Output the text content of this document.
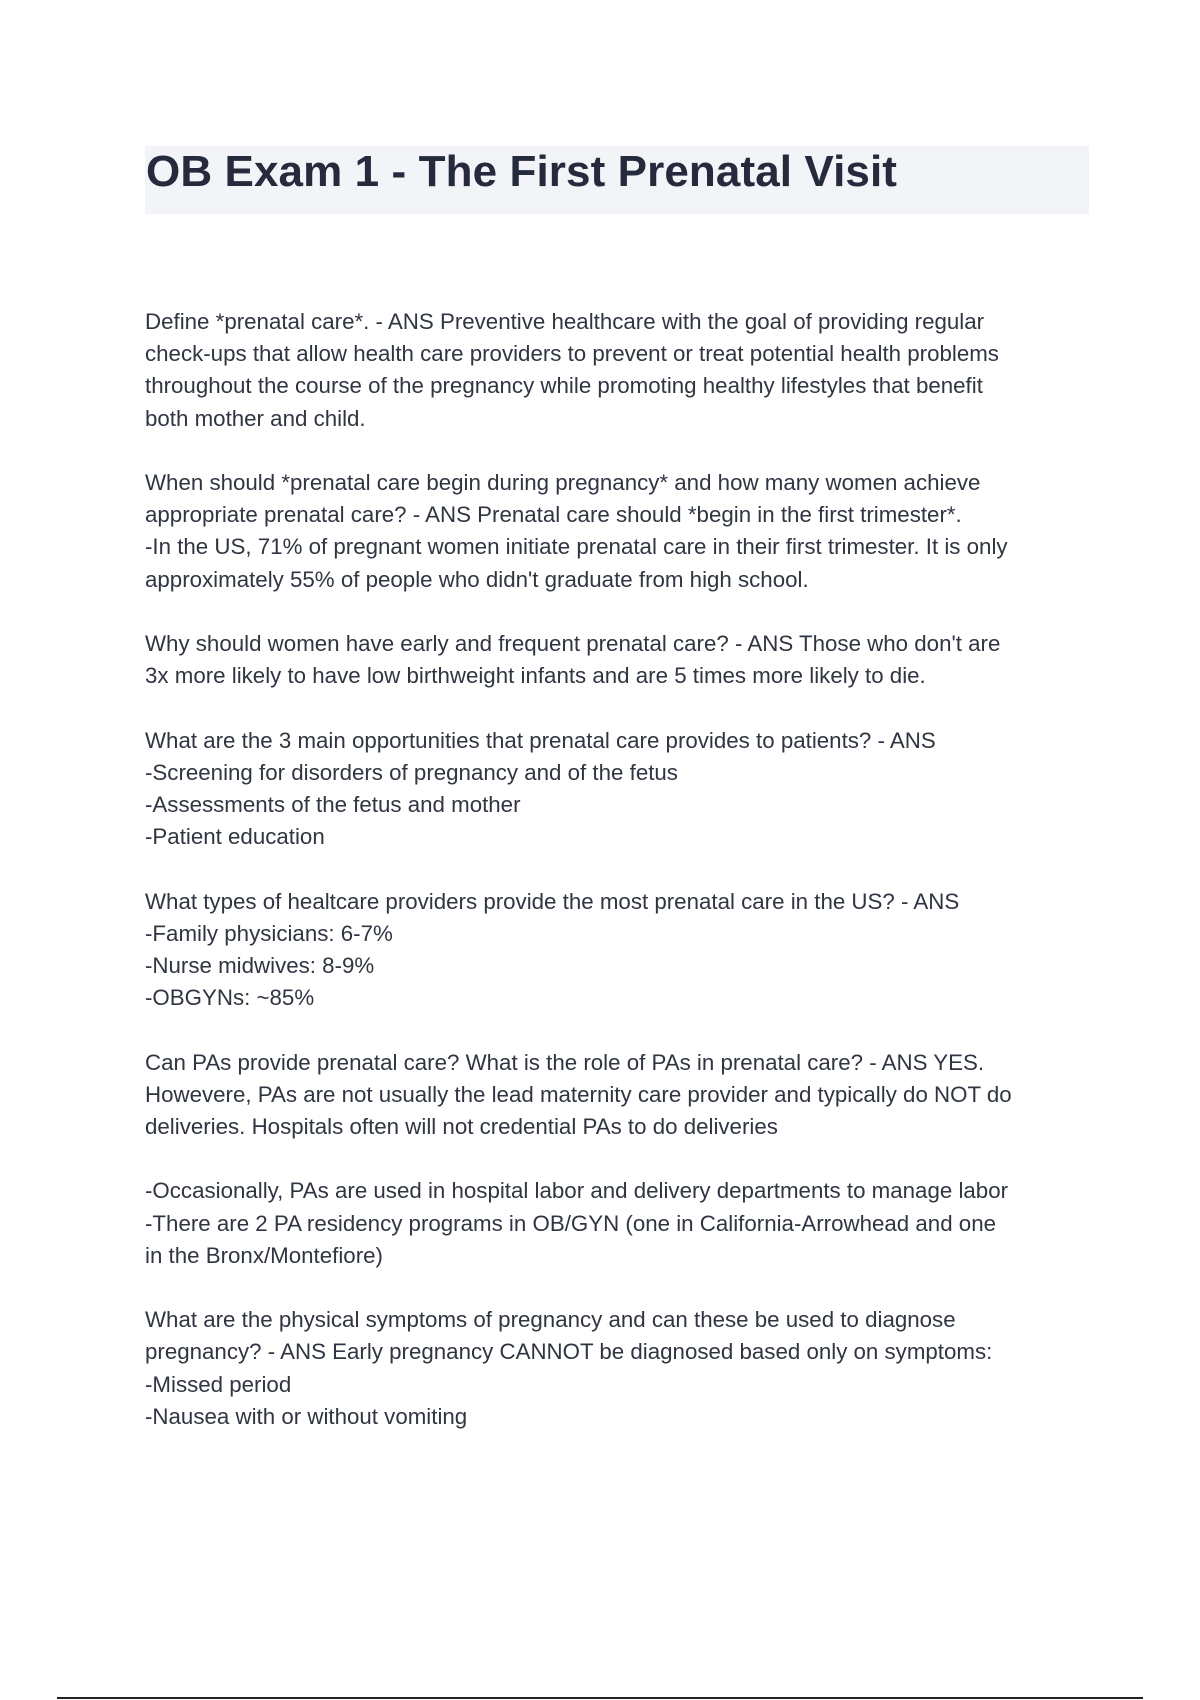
OB Exam 1 - The First Prenatal Visit
Define *prenatal care*. - ANS Preventive healthcare with the goal of providing regular
check-ups that allow health care providers to prevent or treat potential health problems
throughout the course of the pregnancy while promoting healthy lifestyles that benefit
both mother and child.
When should *prenatal care begin during pregnancy* and how many women achieve
appropriate prenatal care? - ANS Prenatal care should *begin in the first trimester*.
-In the US, 71% of pregnant women initiate prenatal care in their first trimester. It is only
approximately 55% of people who didn't graduate from high school.
Why should women have early and frequent prenatal care? - ANS Those who don't are
3x more likely to have low birthweight infants and are 5 times more likely to die.
What are the 3 main opportunities that prenatal care provides to patients? - ANS
-Screening for disorders of pregnancy and of the fetus
-Assessments of the fetus and mother
-Patient education
What types of healtcare providers provide the most prenatal care in the US? - ANS
-Family physicians: 6-7%
-Nurse midwives: 8-9%
-OBGYNs: ~85%
Can PAs provide prenatal care? What is the role of PAs in prenatal care? - ANS YES.
Howevere, PAs are not usually the lead maternity care provider and typically do NOT do
deliveries. Hospitals often will not credential PAs to do deliveries
-Occasionally, PAs are used in hospital labor and delivery departments to manage labor
-There are 2 PA residency programs in OB/GYN (one in California-Arrowhead and one
in the Bronx/Montefiore)
What are the physical symptoms of pregnancy and can these be used to diagnose
pregnancy? - ANS Early pregnancy CANNOT be diagnosed based only on symptoms:
-Missed period
-Nausea with or without vomiting
